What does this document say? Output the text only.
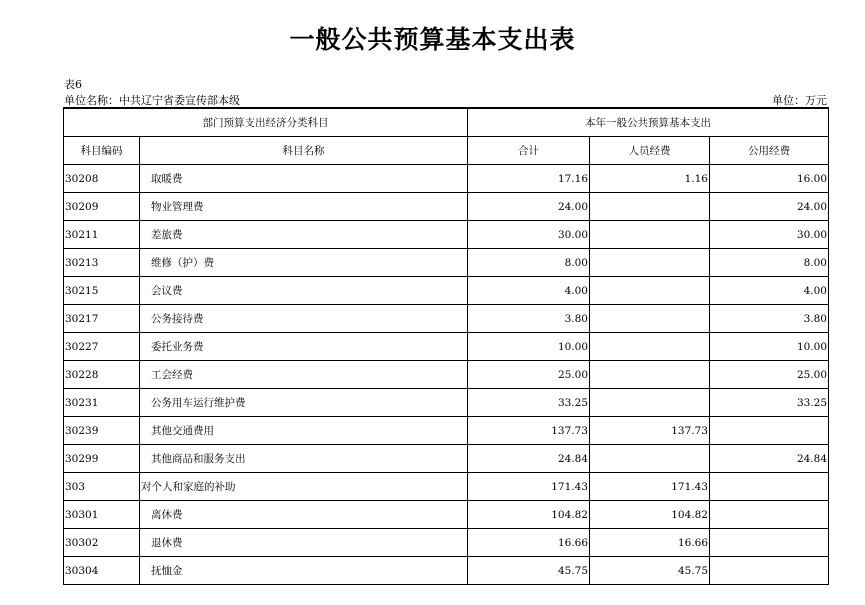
一般公共预算基本支出表
表6
单位名称：中共辽宁省委宣传部本级	单位：万元
部门预算支出经济分类科目		本年一般公共预算基本支出		
科目编码	科目名称	合计	人员经费	公用经费
30208	取暖费	17.16	1.16	16.00
30209	物业管理费	24.00		24.00
30211	差旅费	30.00		30.00
30213	维修（护）费	8.00		8.00
30215	会议费	4.00		4.00
30217	公务接待费	3.80		3.80
30227	委托业务费	10.00		10.00
30228	工会经费	25.00		25.00
30231	公务用车运行维护费	33.25		33.25
30239	其他交通费用	137.73	137.73	
30299	其他商品和服务支出	24.84		24.84
303	对个人和家庭的补助	171.43	171.43	
30301	离休费	104.82	104.82	
30302	退休费	16.66	16.66	
30304	抚恤金	45.75	45.75	
